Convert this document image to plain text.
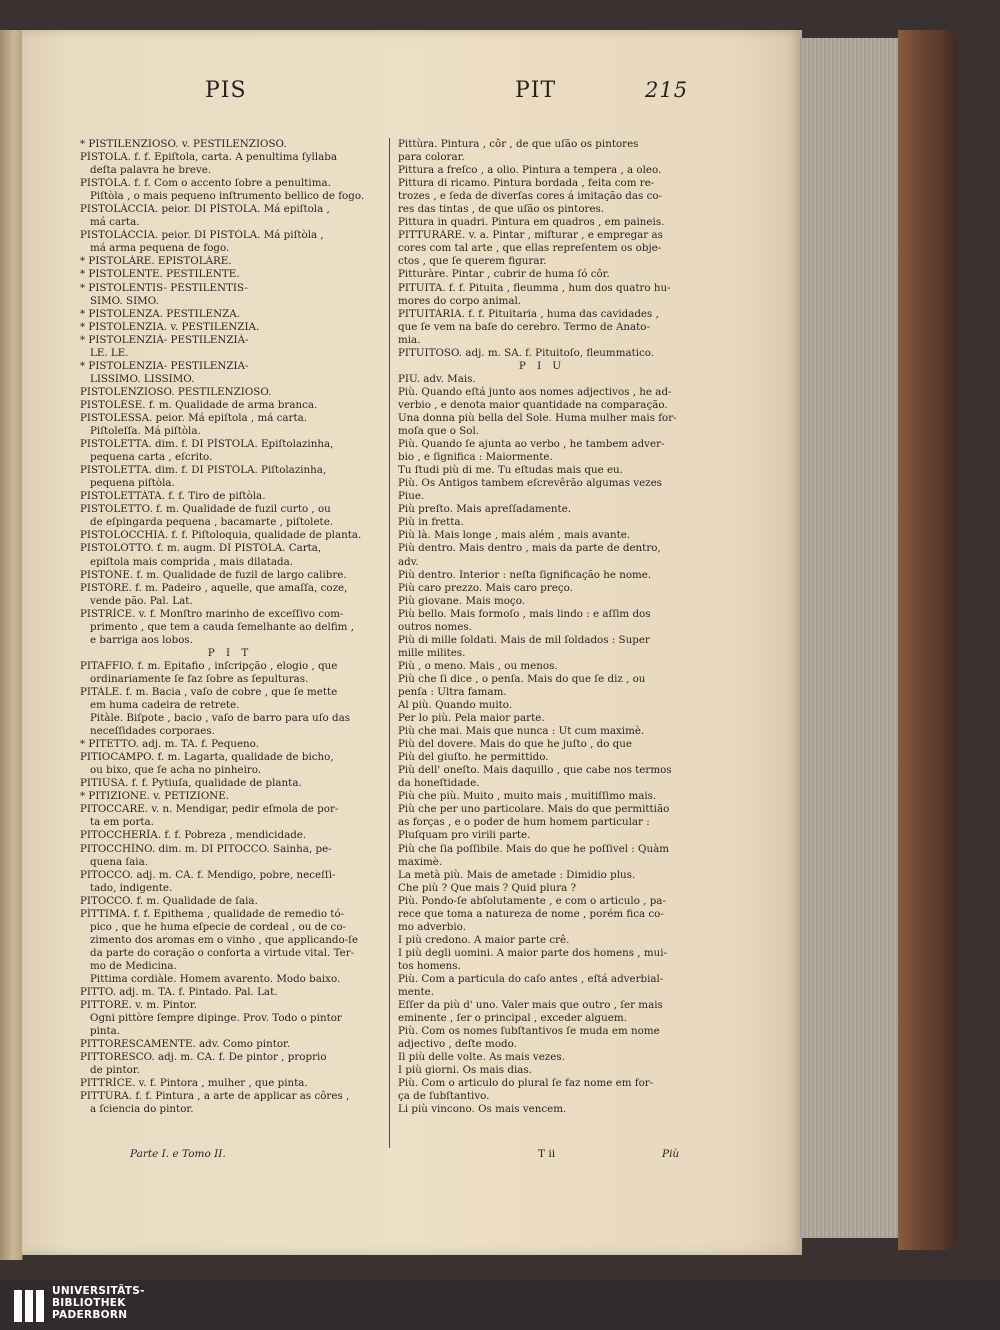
PIS	PIT	215
* PISTILENZIOSO. v. PESTILENZIOSO.
PÌSTOLA. f. f. Epiſtola, carta. A penultima ſyllaba
deſta palavra he breve.
PISTÒLA. f. f. Com o accento ſobre a penultima.
Piſtòla , o mais pequeno inſtrumento bellico de fogo.
PISTOLÀCCIA. peior. DI PÌSTOLA. Má epiſtola ,
má carta.
PISTOLÀCCIA. peior. DI PISTÒLA. Má piſtòla ,
má arma pequena de fogo.
* PISTOLÀRE. EPISTOLÀRE.
* PISTOLENTE. PESTILENTE.
* PISTOLENTIS- PESTILENTIS-
SIMO. SIMO.
* PISTOLENZA. PESTILENZA.
* PISTOLENZIA. v. PESTILENZIA.
* PISTOLENZIÀ- PESTILENZIÀ-
LE. LE.
* PISTOLENZIA- PESTILENZIA-
LISSIMO. LISSIMO.
PISTOLENZIOSO. PESTILENZIOSO.
PISTOLÈSE. f. m. Qualidade de arma branca.
PISTOLESSA. peior. Má epiſtola , má carta.
Piſtoleſſa. Má piſtòla.
PISTOLETTA. dim. f. DI PÌSTOLA. Epiſtolazinha,
pequena carta , eſcrito.
PISTOLETTA. dim. f. DI PISTÒLA. Piſtolazinha,
pequena piſtòla.
PISTOLETTÀTA. f. f. Tiro de piſtòla.
PISTOLETTO. f. m. Qualidade de fuzil curto , ou
de eſpingarda pequena , bacamarte , piſtolete.
PISTOLÒCCHIA. f. f. Piſtoloquia, qualidade de planta.
PISTOLOTTO. f. m. augm. DI PISTOLA. Carta,
epiſtola mais comprida , mais dilatada.
PISTÒNE. f. m. Qualidade de fuzil de largo calibre.
PISTÒRE. f. m. Padeiro , aquelle, que amaſſa, coze,
vende pão. Pal. Lat.
PISTRÌCE. v. f. Monſtro marinho de exceſſivo com-
primento , que tem a cauda ſemelhante ao delfim ,
e barriga aos lobos.
P I T
PITAFFIO. f. m. Epitafio , inſcripção , elogio , que
ordinariamente ſe faz ſobre as ſepulturas.
PITÀLE. f. m. Bacia , vaſo de cobre , que ſe mette
em huma cadeira de retrete.
Pitàle. Biſpote , bacio , vaſo de barro para uſo das
neceſſidades corporaes.
* PITETTO. adj. m. TA. f. Pequeno.
PITIOCAMPO. f. m. Lagarta, qualidade de bicho,
ou bixo, que ſe acha no pinheiro.
PITIÙSA. f. f. Pytiuſa, qualidade de planta.
* PITIZIONE. v. PETIZIONE.
PITOCCARE. v. n. Mendigar, pedir eſmola de por-
ta em porta.
PITOCCHERÌA. f. f. Pobreza , mendicidade.
PITOCCHÌNO. dim. m. DI PITOCCO. Sainha, pe-
quena ſaia.
PITOCCO. adj. m. CA. f. Mendigo, pobre, neceſſi-
tado, indigente.
PITOCCO. f. m. Qualidade de ſaia.
PÌTTIMA. f. f. Epithema , qualidade de remedio tó-
pico , que he huma eſpecie de cordeal , ou de co-
zimento dos aromas em o vinho , que applicando-ſe
da parte do coração o conforta a virtude vital. Ter-
mo de Medicina.
Pittima cordiàle. Homem avarento. Modo baixo.
PITTO. adj. m. TA. f. Pintado. Pal. Lat.
PITTÒRE. v. m. Pintor.
Ogni pittòre ſempre dipinge. Prov. Todo o pintor
pinta.
PITTORESCAMENTE. adv. Como pintor.
PITTORESCO. adj. m. CA. f. De pintor , proprio
de pintor.
PITTRÌCE. v. f. Pintora , mulher , que pinta.
PITTÙRA. f. f. Pintura , a arte de applicar as côres ,
a ſciencia do pintor.
Pittùra. Pintura , côr , de que uſão os pintores
para colorar.
Pittura a freſco , a olio. Pintura a tempera , a oleo.
Pittura di ricamo. Pintura bordada , feita com re-
trozes , e ſeda de diverſas cores á imitação das co-
res das tintas , de que uſão os pintores.
Pittura in quadri. Pintura em quadros , em paineis.
PITTURÀRE. v. a. Pintar , miſturar , e empregar as
cores com tal arte , que ellas repreſentem os obje-
ctos , que ſe querem figurar.
Pitturàre. Pintar , cubrir de huma ſó côr.
PITUITA. f. f. Pituita , fleumma , hum dos quatro hu-
mores do corpo animal.
PITUITÀRIA. f. f. Pituitaria , huma das cavidades ,
que ſe vem na baſe do cerebro. Termo de Anato-
mia.
PITUITOSO. adj. m. SA. f. Pituitoſo, fleummatico.
P I U
PIÙ. adv. Mais.
Più. Quando eſtá junto aos nomes adjectivos , he ad-
verbio , e denota maior quantidade na comparação.
Una donna più bella del Sole. Huma mulher mais for-
moſa que o Sol.
Più. Quando ſe ajunta ao verbo , he tambem adver-
bio , e ſignifica : Maiormente.
Tu ſtudi più di me. Tu eſtudas mais que eu.
Più. Os Antigos tambem eſcrevêrão algumas vezes
Piue.
Più preſto. Mais apreſſadamente.
Più in fretta.
Più là. Mais longe , mais além , mais avante.
Più dentro. Mais dentro , mais da parte de dentro,
adv.
Più dentro. Interior : neſta ſignificação he nome.
Più caro prezzo. Mais caro preço.
Più giovane. Mais moço.
Più bello. Mais formoſo , mais lindo : e aſſim dos
outros nomes.
Più di mille ſoldati. Mais de mil ſoldados : Super
mille milites.
Più , o meno. Mais , ou menos.
Più che ſi dice , o penſa. Mais do que ſe diz , ou
penſa : Ultra famam.
Al più. Quando muito.
Per lo più. Pela maior parte.
Più che mai. Mais que nunca : Ut cum maximè.
Più del dovere. Mais do que he juſto , do que
Più del giuſto. he permittido.
Più dell' oneſto. Mais daquillo , que cabe nos termos
da honeſtidade.
Più che più. Muito , muito mais , muitiſſimo mais.
Più che per uno particolare. Mais do que permittião
as forças , e o poder de hum homem particular :
Pluſquam pro virili parte.
Più che ſia poſſibile. Mais do que he poſſivel : Quàm
maximè.
La metà più. Mais de ametade : Dimidio plus.
Che più ? Que mais ? Quid plura ?
Più. Pondo-ſe abſolutamente , e com o articulo , pa-
rece que toma a natureza de nome , porém fica co-
mo adverbio.
I più credono. A maior parte crê.
I più degli uomini. A maior parte dos homens , mui-
tos homens.
Più. Com a particula do caſo antes , eſtá adverbial-
mente.
Eſſer da più d' uno. Valer mais que outro , ſer mais
eminente , ſer o principal , exceder alguem.
Più. Com os nomes ſubſtantivos ſe muda em nome
adjectivo , deſte modo.
Il più delle volte. As mais vezes.
I più giorni. Os mais dias.
Più. Com o articulo do plural ſe faz nome em for-
ça de ſubſtantivo.
Li più vincono. Os mais vencem.
Parte I. e Tomo II.	T ii	Più
UNIVERSITÄTS-
BIBLIOTHEK
PADERBORN
